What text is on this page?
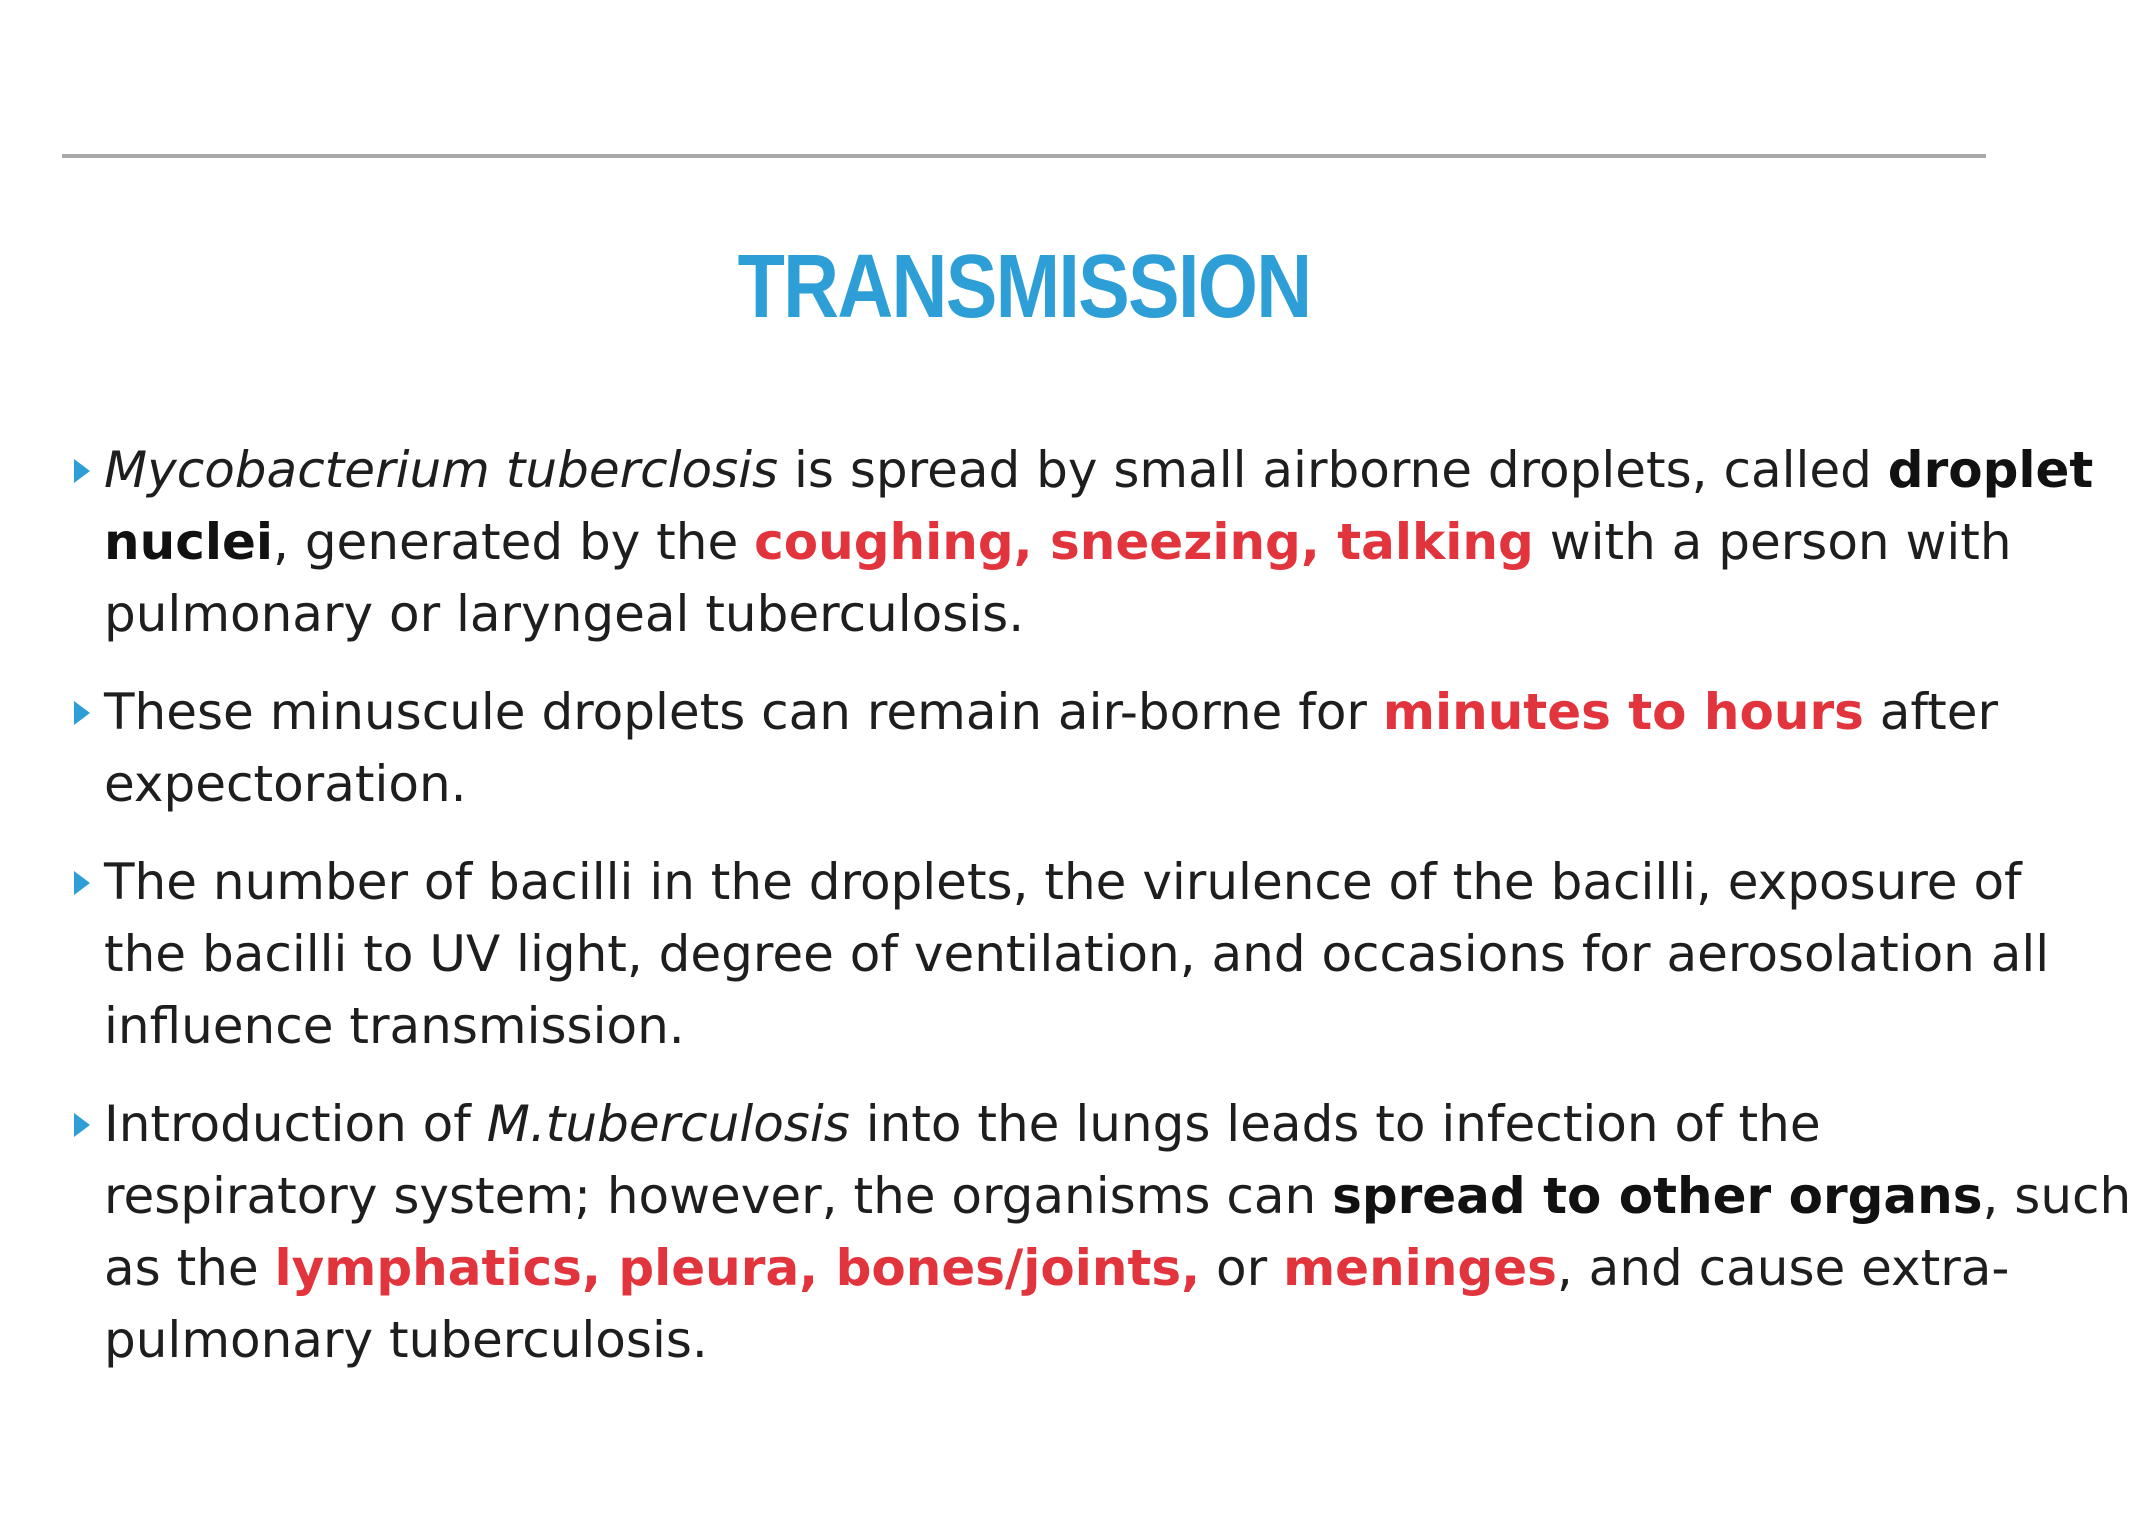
TRANSMISSION
Mycobacterium tuberclosis is spread by small airborne droplets, called droplet
nuclei, generated by the coughing, sneezing, talking with a person with
pulmonary or laryngeal tuberculosis.
These minuscule droplets can remain air-borne for minutes to hours after
expectoration.
The number of bacilli in the droplets, the virulence of the bacilli, exposure of
the bacilli to UV light, degree of ventilation, and occasions for aerosolation all
influence transmission.
Introduction of M.tuberculosis into the lungs leads to infection of the
respiratory system; however, the organisms can spread to other organs, such
as the lymphatics, pleura, bones/joints, or meninges, and cause extra-
pulmonary tuberculosis.
